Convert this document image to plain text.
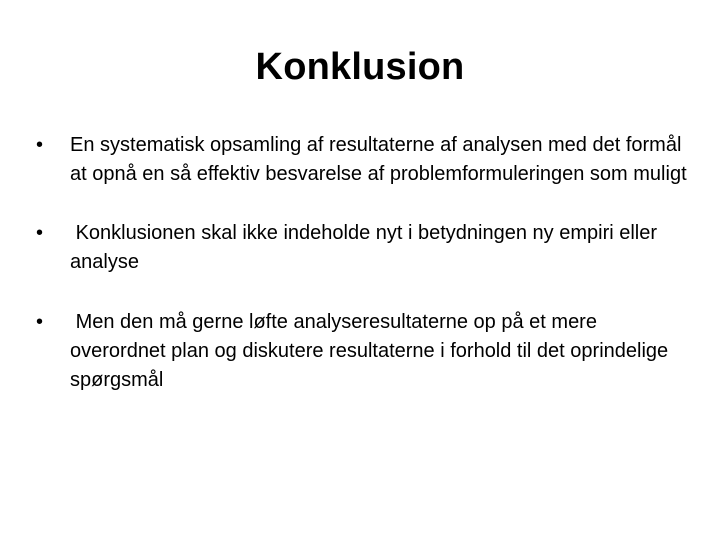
Konklusion
•	En systematisk opsamling af resultaterne af analysen med det formål at opnå en så effektiv besvarelse af problemformuleringen som muligt
•	Konklusionen skal ikke indeholde nyt i betydningen ny empiri eller analyse
•	Men den må gerne løfte analyseresultaterne op på et mere overordnet plan og diskutere resultaterne i forhold til det oprindelige spørgsmål
